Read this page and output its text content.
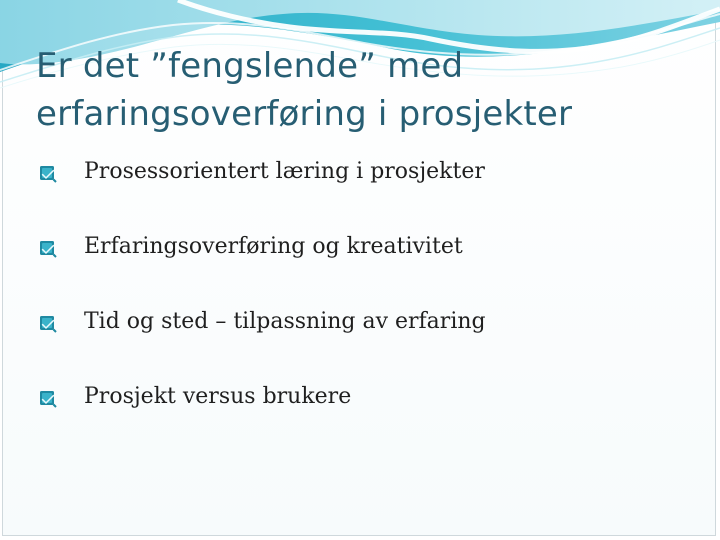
Er det ”fengslende” med
erfaringsoverføring i prosjekter
Prosessorientert læring i prosjekter
Erfaringsoverføring og kreativitet
Tid og sted – tilpassning av erfaring
Prosjekt versus brukere
